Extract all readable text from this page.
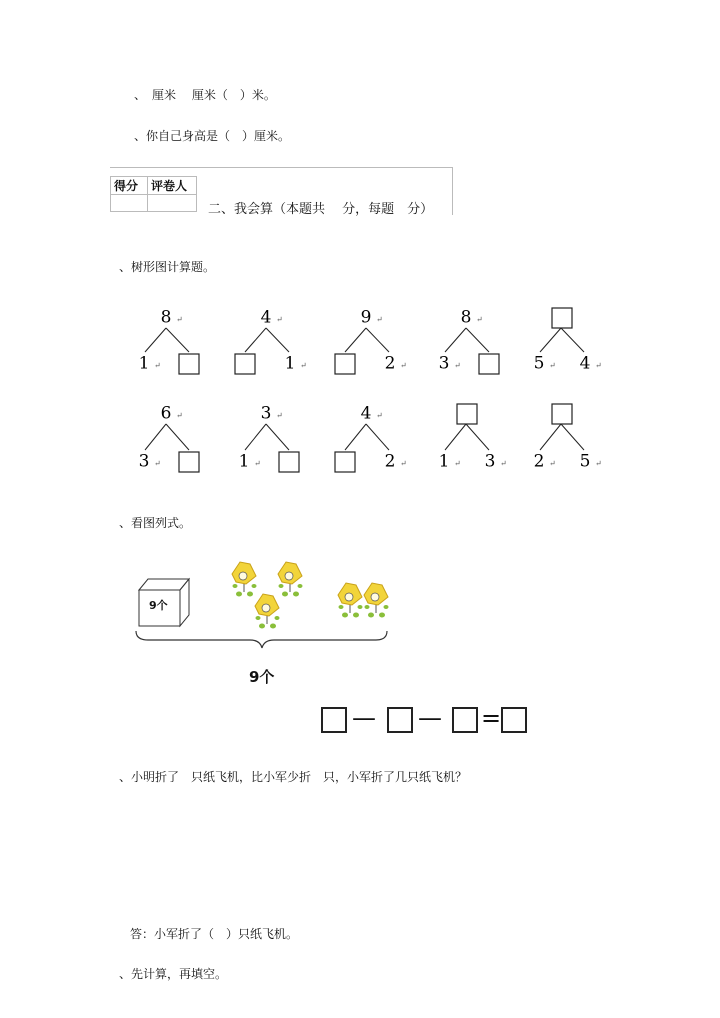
、　厘米　 厘米（　）米。
、你自己身高是（　）厘米。
得分	评卷人

二、我会算（本题共　 分，每题　分）
、树形图计算题。
8 ↵
1 ↵
4 ↵
1 ↵
9 ↵
2 ↵
8 ↵
3 ↵	5 ↵ 4 ↵
6 ↵
3 ↵
3 ↵
1 ↵
4 ↵
2 ↵ 1 ↵ 3 ↵ 2 ↵ 5 ↵
、看图列式。
9个
9个
— — =
、小明折了　只纸飞机，比小军少折　只，小军折了几只纸飞机？
答：小军折了（　）只纸飞机。
、先计算，再填空。
